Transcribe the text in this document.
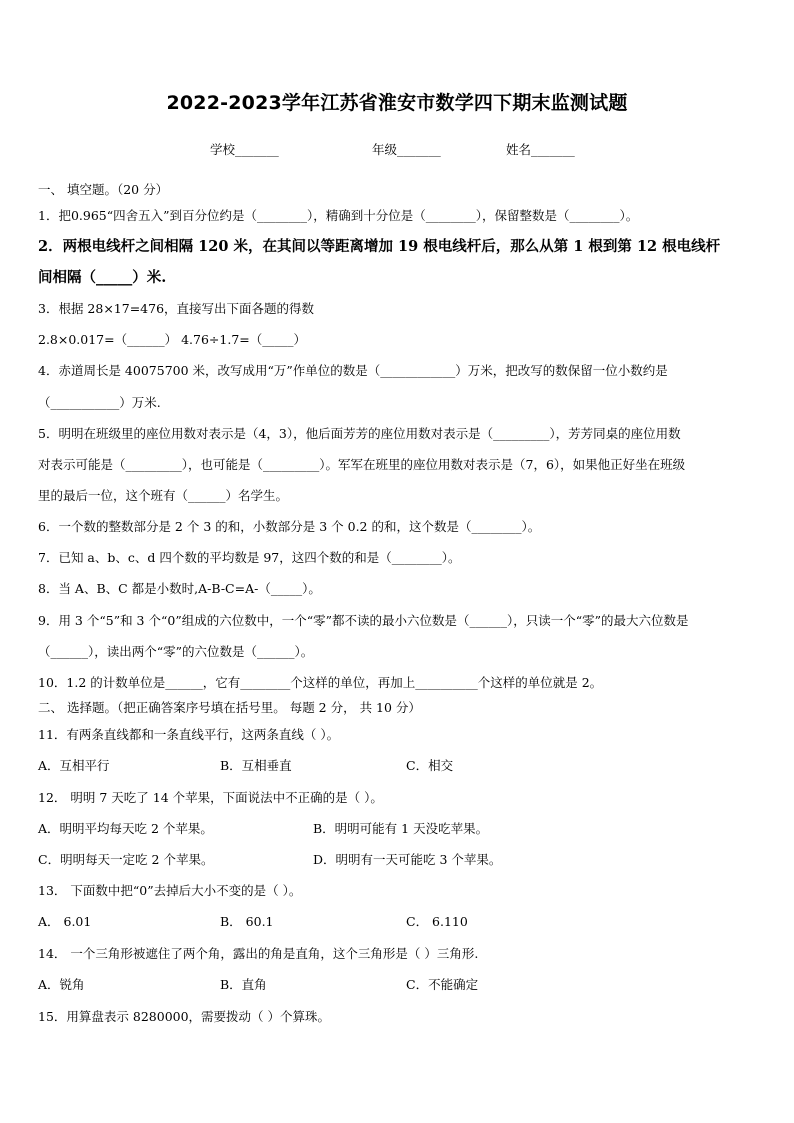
2022-2023学年江苏省淮安市数学四下期末监测试题
学校_______	年级_______	姓名_______
一、 填空题。（20 分）
1．把0.965“四舍五入”到百分位约是（________），精确到十分位是（________），保留整数是（________）。
2．两根电线杆之间相隔 120 米，在其间以等距离增加 19 根电线杆后，那么从第 1 根到第 12 根电线杆
间相隔（_____）米.
3．根据 28×17=476，直接写出下面各题的得数
2.8×0.017=（______） 4.76÷1.7=（_____）
4．赤道周长是 40075700 米，改写成用“万”作单位的数是（____________）万米，把改写的数保留一位小数约是
（___________）万米.
5．明明在班级里的座位用数对表示是（4，3），他后面芳芳的座位用数对表示是（_________），芳芳同桌的座位用数
对表示可能是（_________），也可能是（_________）。军军在班里的座位用数对表示是（7，6），如果他正好坐在班级
里的最后一位，这个班有（______）名学生。
6．一个数的整数部分是 2 个 3 的和，小数部分是 3 个 0.2 的和，这个数是（________）。
7．已知 a、b、c、d 四个数的平均数是 97，这四个数的和是（________）。
8．当 A、B、C 都是小数时,A-B-C=A-（_____）。
9．用 3 个“5”和 3 个“0”组成的六位数中，一个“零”都不读的最小六位数是（______），只读一个“零”的最大六位数是
（______），读出两个“零”的六位数是（______）。
10．1.2 的计数单位是______，它有________个这样的单位，再加上__________个这样的单位就是 2。
二、 选择题。（把正确答案序号填在括号里。 每题 2 分， 共 10 分）
11．有两条直线都和一条直线平行，这两条直线（ ）。
A．互相平行	B．互相垂直	C．相交
12． 明明 7 天吃了 14 个苹果，下面说法中不正确的是（ ）。
A．明明平均每天吃 2 个苹果。	B．明明可能有 1 天没吃苹果。
C．明明每天一定吃 2 个苹果。	D．明明有一天可能吃 3 个苹果。
13． 下面数中把“0”去掉后大小不变的是（ ）。
A． 6.01	B． 60.1	C． 6.110
14． 一个三角形被遮住了两个角，露出的角是直角，这个三角形是（ ）三角形.
A．锐角	B．直角	C．不能确定
15．用算盘表示 8280000，需要拨动（ ）个算珠。
